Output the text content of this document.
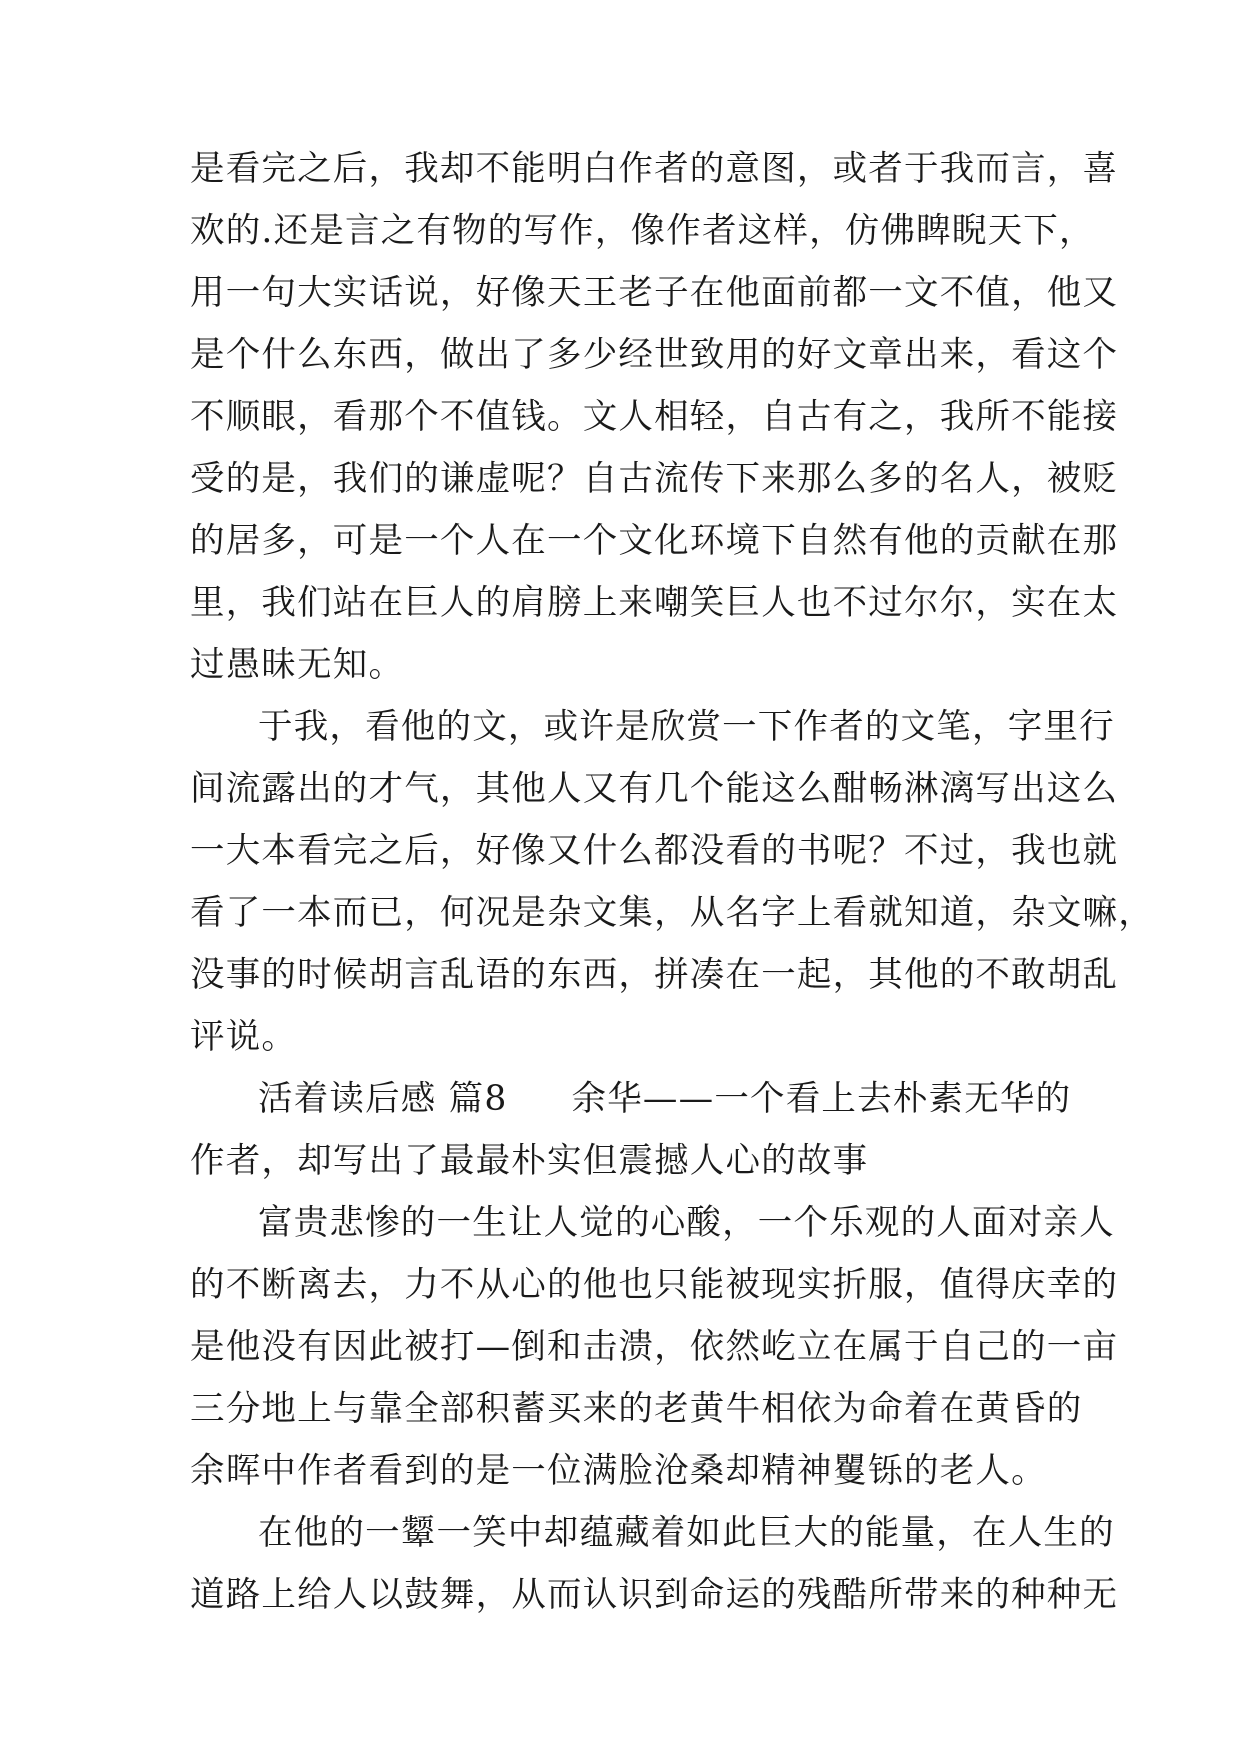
是看完之后，我却不能明白作者的意图，或者于我而言，喜
欢的.还是言之有物的写作，像作者这样，仿佛睥睨天下，
用一句大实话说，好像天王老子在他面前都一文不值，他又
是个什么东西，做出了多少经世致用的好文章出来，看这个
不顺眼，看那个不值钱。文人相轻，自古有之，我所不能接
受的是，我们的谦虚呢？自古流传下来那么多的名人，被贬
的居多，可是一个人在一个文化环境下自然有他的贡献在那
里，我们站在巨人的肩膀上来嘲笑巨人也不过尔尔，实在太
过愚昧无知。
于我，看他的文，或许是欣赏一下作者的文笔，字里行
间流露出的才气，其他人又有几个能这么酣畅淋漓写出这么
一大本看完之后，好像又什么都没看的书呢？不过，我也就
看了一本而已，何况是杂文集，从名字上看就知道，杂文嘛，
没事的时候胡言乱语的东西，拼凑在一起，其他的不敢胡乱
评说。
活着读后感 篇8 余华——一个看上去朴素无华的
作者，却写出了最最朴实但震撼人心的故事
富贵悲惨的一生让人觉的心酸，一个乐观的人面对亲人
的不断离去，力不从心的他也只能被现实折服，值得庆幸的
是他没有因此被打—倒和击溃，依然屹立在属于自己的一亩
三分地上与靠全部积蓄买来的老黄牛相依为命着在黄昏的
余晖中作者看到的是一位满脸沧桑却精神矍铄的老人。
在他的一颦一笑中却蕴藏着如此巨大的能量，在人生的
道路上给人以鼓舞，从而认识到命运的残酷所带来的种种无
